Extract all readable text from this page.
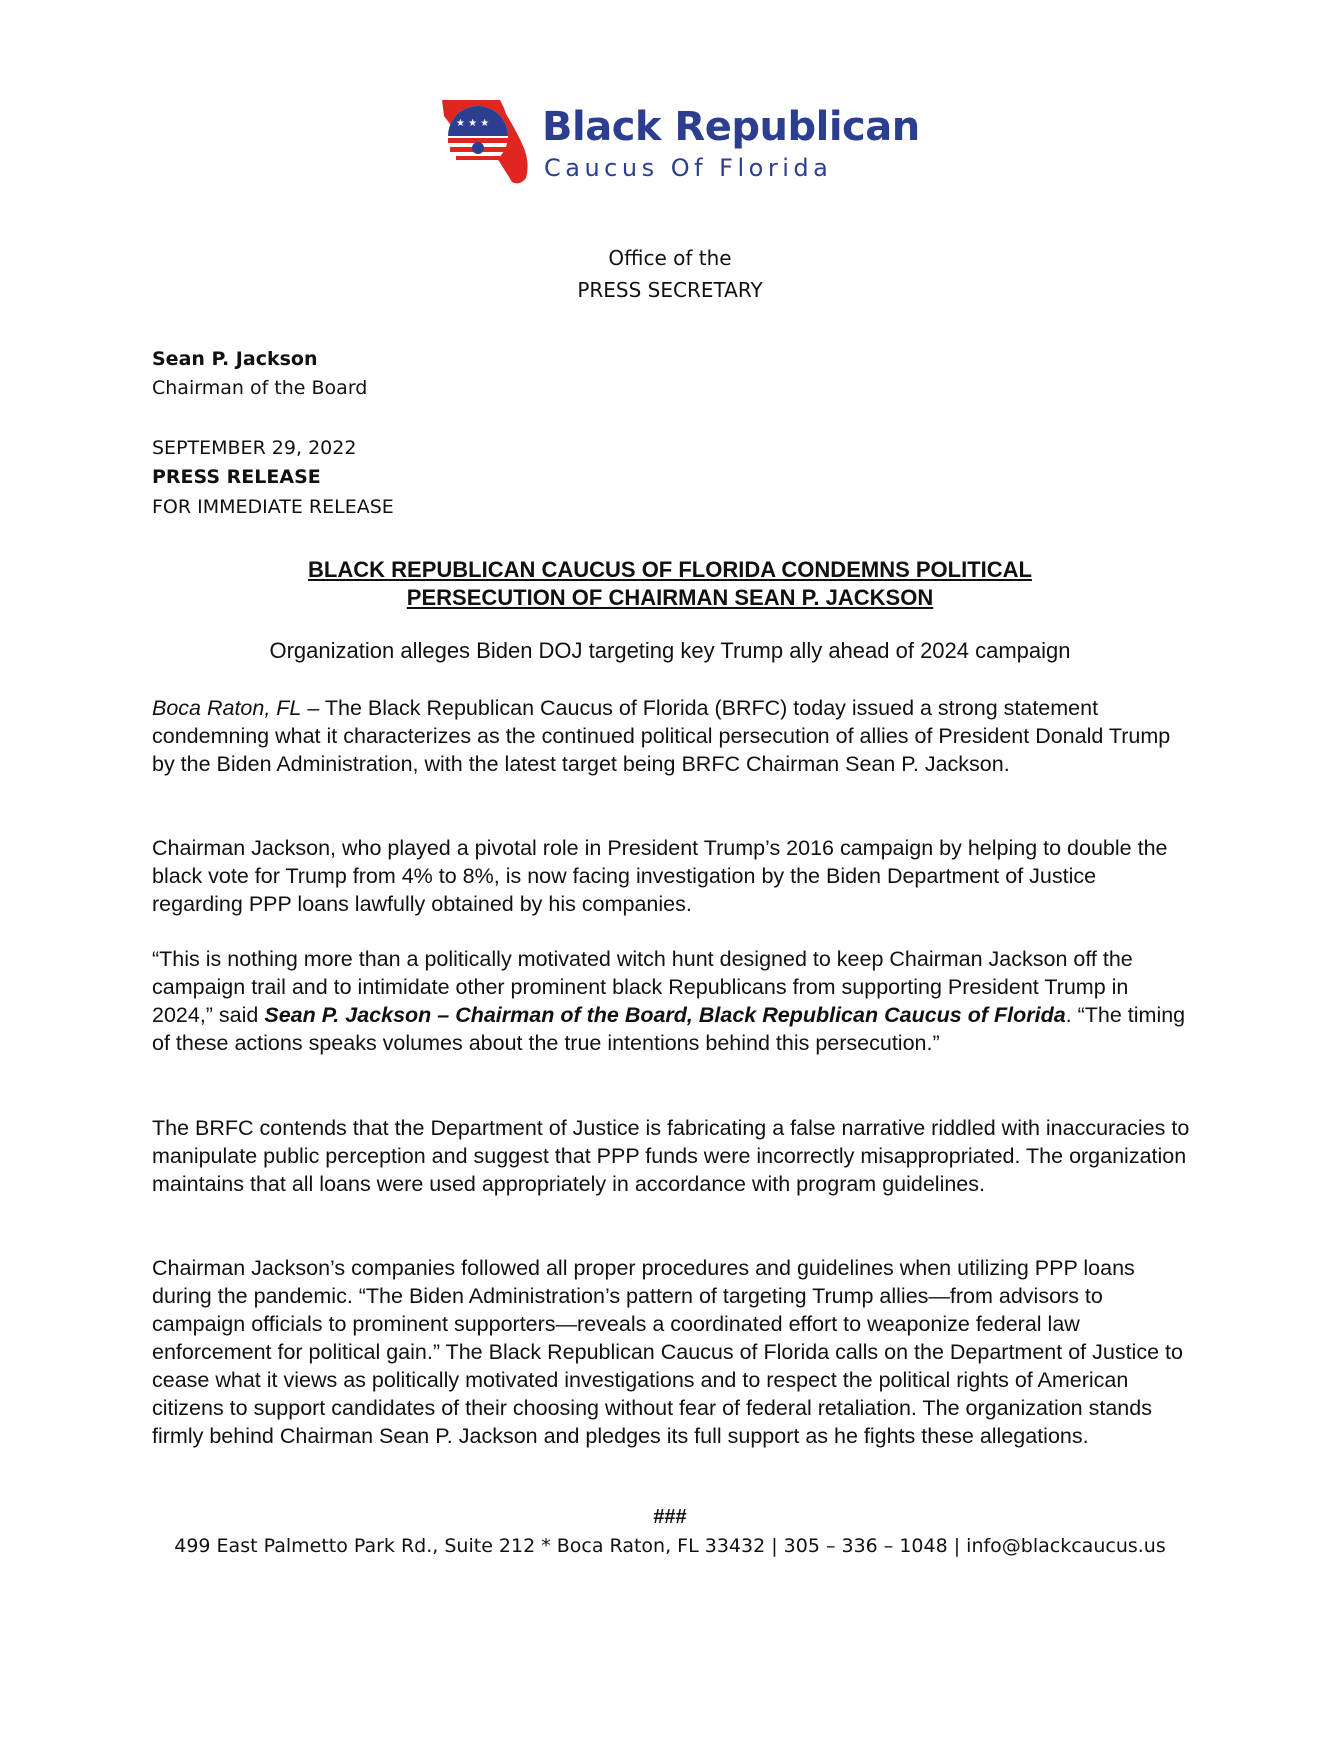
★ ★ ★ Black Republican
Caucus Of Florida
Office of the
PRESS SECRETARY
Sean P. Jackson
Chairman of the Board
SEPTEMBER 29, 2022
PRESS RELEASE
FOR IMMEDIATE RELEASE
BLACK REPUBLICAN CAUCUS OF FLORIDA CONDEMNS POLITICAL
PERSECUTION OF CHAIRMAN SEAN P. JACKSON
Organization alleges Biden DOJ targeting key Trump ally ahead of 2024 campaign

Boca Raton, FL – The Black Republican Caucus of Florida (BRFC) today issued a strong statement condemning what it characterizes as the continued political persecution of allies of President Donald Trump by the Biden Administration, with the latest target being BRFC Chairman Sean P. Jackson.

Chairman Jackson, who played a pivotal role in President Trump’s 2016 campaign by helping to double the black vote for Trump from 4% to 8%, is now facing investigation by the Biden Department of Justice regarding PPP loans lawfully obtained by his companies.

“This is nothing more than a politically motivated witch hunt designed to keep Chairman Jackson off the campaign trail and to intimidate other prominent black Republicans from supporting President Trump in 2024,” said Sean P. Jackson – Chairman of the Board, Black Republican Caucus of Florida. “The timing of these actions speaks volumes about the true intentions behind this persecution.”

The BRFC contends that the Department of Justice is fabricating a false narrative riddled with inaccuracies to manipulate public perception and suggest that PPP funds were incorrectly misappropriated. The organization maintains that all loans were used appropriately in accordance with program guidelines.

Chairman Jackson’s companies followed all proper procedures and guidelines when utilizing PPP loans during the pandemic. “The Biden Administration’s pattern of targeting Trump allies—from advisors to campaign officials to prominent supporters—reveals a coordinated effort to weaponize federal law enforcement for political gain.” The Black Republican Caucus of Florida calls on the Department of Justice to cease what it views as politically motivated investigations and to respect the political rights of American citizens to support candidates of their choosing without fear of federal retaliation. The organization stands firmly behind Chairman Sean P. Jackson and pledges its full support as he fights these allegations.

###
499 East Palmetto Park Rd., Suite 212 * Boca Raton, FL 33432 | 305 – 336 – 1048 | info@blackcaucus.us
